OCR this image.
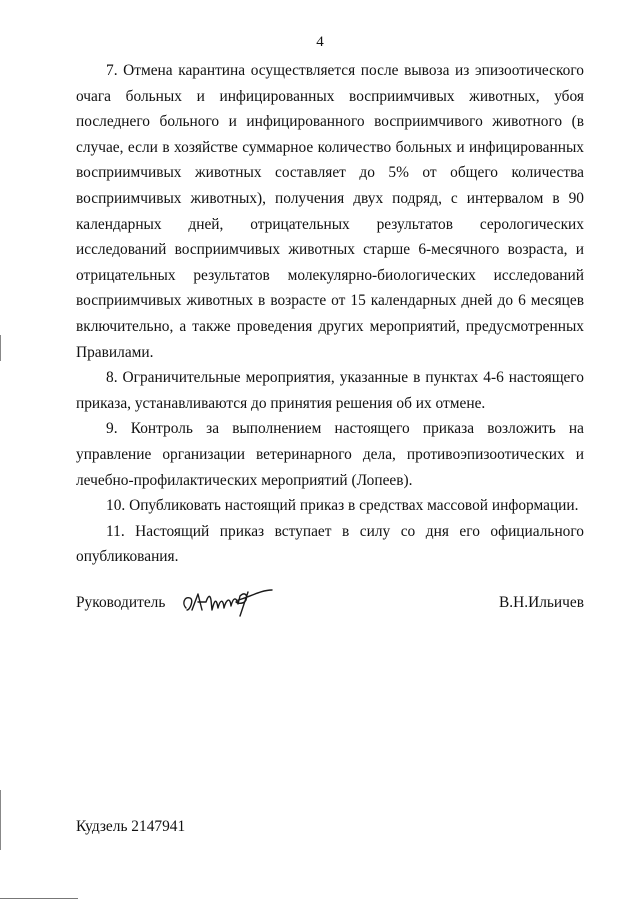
4

7. Отмена карантина осуществляется после вывоза из эпизоотического очага больных и инфицированных восприимчивых животных, убоя последнего больного и инфицированного восприимчивого животного (в случае, если в хозяйстве суммарное количество больных и инфицированных восприимчивых животных составляет до 5% от общего количества восприимчивых животных), получения двух подряд, с интервалом в 90 календарных дней, отрицательных результатов серологических исследований восприимчивых животных старше 6-месячного возраста, и отрицательных результатов молекулярно-биологических исследований восприимчивых животных в возрасте от 15 календарных дней до 6 месяцев включительно, а также проведения других мероприятий, предусмотренных Правилами.

8. Ограничительные мероприятия, указанные в пунктах 4-6 настоящего приказа, устанавливаются до принятия решения об их отмене.

9. Контроль за выполнением настоящего приказа возложить на управление организации ветеринарного дела, противоэпизоотических и лечебно-профилактических мероприятий (Лопеев).

10. Опубликовать настоящий приказ в средствах массовой информации.

11. Настоящий приказ вступает в силу со дня его официального опубликования.

Руководитель	В.Н.Ильичев
Кудзель 2147941
